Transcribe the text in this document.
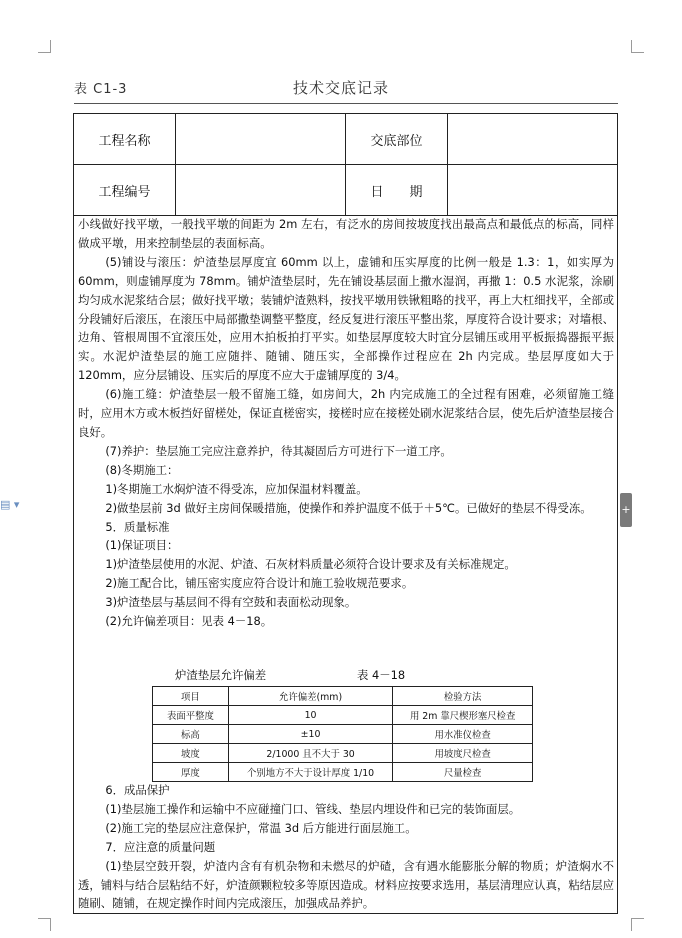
表 C1-3	技术交底记录
工程名称	交底部位
工程编号	日　　期

小线做好找平墩，一般找平墩的间距为 2m 左右，有泛水的房间按坡度找出最高点和最低点的标高，同样做成平墩，用来控制垫层的表面标高。

(5)铺设与滚压：炉渣垫层厚度宜 60mm 以上，虚铺和压实厚度的比例一般是 1.3：1，如实厚为 60mm，则虚铺厚度为 78mm。铺炉渣垫层时，先在铺设基层面上撒水湿润，再撒 1：0.5 水泥浆，涂刷均匀成水泥浆结合层；做好找平墩；装铺炉渣熟料，按找平墩用铁锹粗略的找平，再上大杠细找平，全部或分段铺好后滚压，在滚压中局部撒垫调整平整度，经反复进行滚压平整出浆，厚度符合设计要求；对墙根、边角、管根周围不宜滚压处，应用木拍板拍打平实。如垫层厚度较大时宜分层铺压或用平板振捣器振平振实。水泥炉渣垫层的施工应随拌、随铺、随压实，全部操作过程应在 2h 内完成。垫层厚度如大于 120mm，应分层铺设、压实后的厚度不应大于虚铺厚度的 3/4。

(6)施工缝：炉渣垫层一般不留施工缝，如房间大，2h 内完成施工的全过程有困难，必须留施工缝时，应用木方或木板挡好留槎处，保证直槎密实，接槎时应在接槎处刷水泥浆结合层，使先后炉渣垫层接合良好。

(7)养护：垫层施工完应注意养护，待其凝固后方可进行下一道工序。

(8)冬期施工：

1)冬期施工水焖炉渣不得受冻，应加保温材料覆盖。

2)做垫层前 3d 做好主房间保暖措施，使操作和养护温度不低于＋5℃。已做好的垫层不得受冻。

5．质量标准

(1)保证项目：

1)炉渣垫层使用的水泥、炉渣、石灰材料质量必须符合设计要求及有关标准规定。

2)施工配合比，铺压密实度应符合设计和施工验收规范要求。

3)炉渣垫层与基层间不得有空鼓和表面松动现象。

(2)允许偏差项目：见表 4－18。

炉渣垫层允许偏差	表 4－18
项目	允许偏差(mm)	检验方法
表面平整度	10	用 2m 靠尺楔形塞尺检查
标高	±10	用水准仪检查
坡度	2/1000 且不大于 30	用坡度尺检查
厚度	个别地方不大于设计厚度 1/10	尺量检查

6．成品保护

(1)垫层施工操作和运输中不应碰撞门口、管线、垫层内埋设件和已完的装饰面层。

(2)施工完的垫层应注意保护，常温 3d 后方能进行面层施工。

7．应注意的质量问题

(1)垫层空鼓开裂，炉渣内含有有机杂物和未燃尽的炉碴，含有遇水能膨胀分解的物质；炉渣焖水不透，铺料与结合层粘结不好，炉渣颜颗粒较多等原因造成。材料应按要求选用，基层清理应认真，粘结层应随刷、随铺，在规定操作时间内完成滚压，加强成品养护。

+
▤ ▾
